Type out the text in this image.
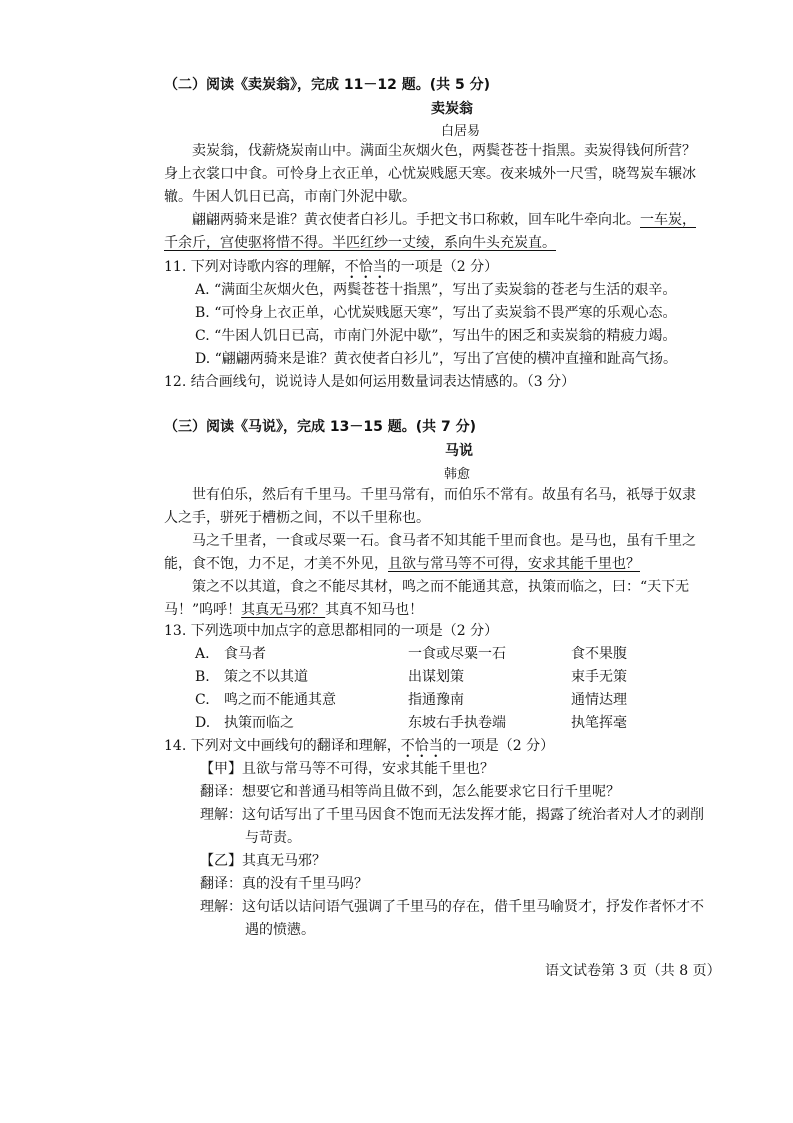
（二）阅读《卖炭翁》，完成 11－12 题。(共 5 分)
卖炭翁
白居易
卖炭翁，伐薪烧炭南山中。满面尘灰烟火色，两鬓苍苍十指黑。卖炭得钱何所营？
身上衣裳口中食。可怜身上衣正单，心忧炭贱愿天寒。夜来城外一尺雪，晓驾炭车辗冰
辙。牛困人饥日已高，市南门外泥中歇。
翩翩两骑来是谁？黄衣使者白衫儿。手把文书口称敕，回车叱牛牵向北。一车炭，
千余斤，宫使驱将惜不得。半匹红纱一丈绫，系向牛头充炭直。
11. 下列对诗歌内容的理解，不恰当的一项是（2 分）
A. “满面尘灰烟火色，两鬓苍苍十指黑”，写出了卖炭翁的苍老与生活的艰辛。
B. “可怜身上衣正单，心忧炭贱愿天寒”，写出了卖炭翁不畏严寒的乐观心态。
C. “牛困人饥日已高，市南门外泥中歇”，写出牛的困乏和卖炭翁的精疲力竭。
D. “翩翩两骑来是谁？黄衣使者白衫儿”，写出了宫使的横冲直撞和趾高气扬。
12. 结合画线句，说说诗人是如何运用数量词表达情感的。（3 分）
（三）阅读《马说》，完成 13－15 题。(共 7 分)
马说
韩愈
世有伯乐，然后有千里马。千里马常有，而伯乐不常有。故虽有名马，祇辱于奴隶
人之手，骈死于槽枥之间，不以千里称也。
马之千里者，一食或尽粟一石。食马者不知其能千里而食也。是马也，虽有千里之
能，食不饱，力不足，才美不外见，且欲与常马等不可得，安求其能千里也？
策之不以其道，食之不能尽其材，鸣之而不能通其意，执策而临之，曰：“天下无
马！”呜呼！其真无马邪？其真不知马也！
13. 下列选项中加点字的意思都相同的一项是（2 分）
A. 食马者	一食或尽粟一石	食不果腹
B. 策之不以其道	出谋划策	束手无策
C. 鸣之而不能通其意	指通豫南	通情达理
D. 执策而临之	东坡右手执卷端	执笔挥毫
14. 下列对文中画线句的翻译和理解，不恰当的一项是（2 分）
【甲】且欲与常马等不可得，安求其能千里也？
翻译：想要它和普通马相等尚且做不到，怎么能要求它日行千里呢？
理解：这句话写出了千里马因食不饱而无法发挥才能，揭露了统治者对人才的剥削
与苛责。
【乙】其真无马邪？
翻译：真的没有千里马吗？
理解：这句话以诘问语气强调了千里马的存在，借千里马喻贤才，抒发作者怀才不
遇的愤懑。
语文试卷第 3 页（共 8 页）
